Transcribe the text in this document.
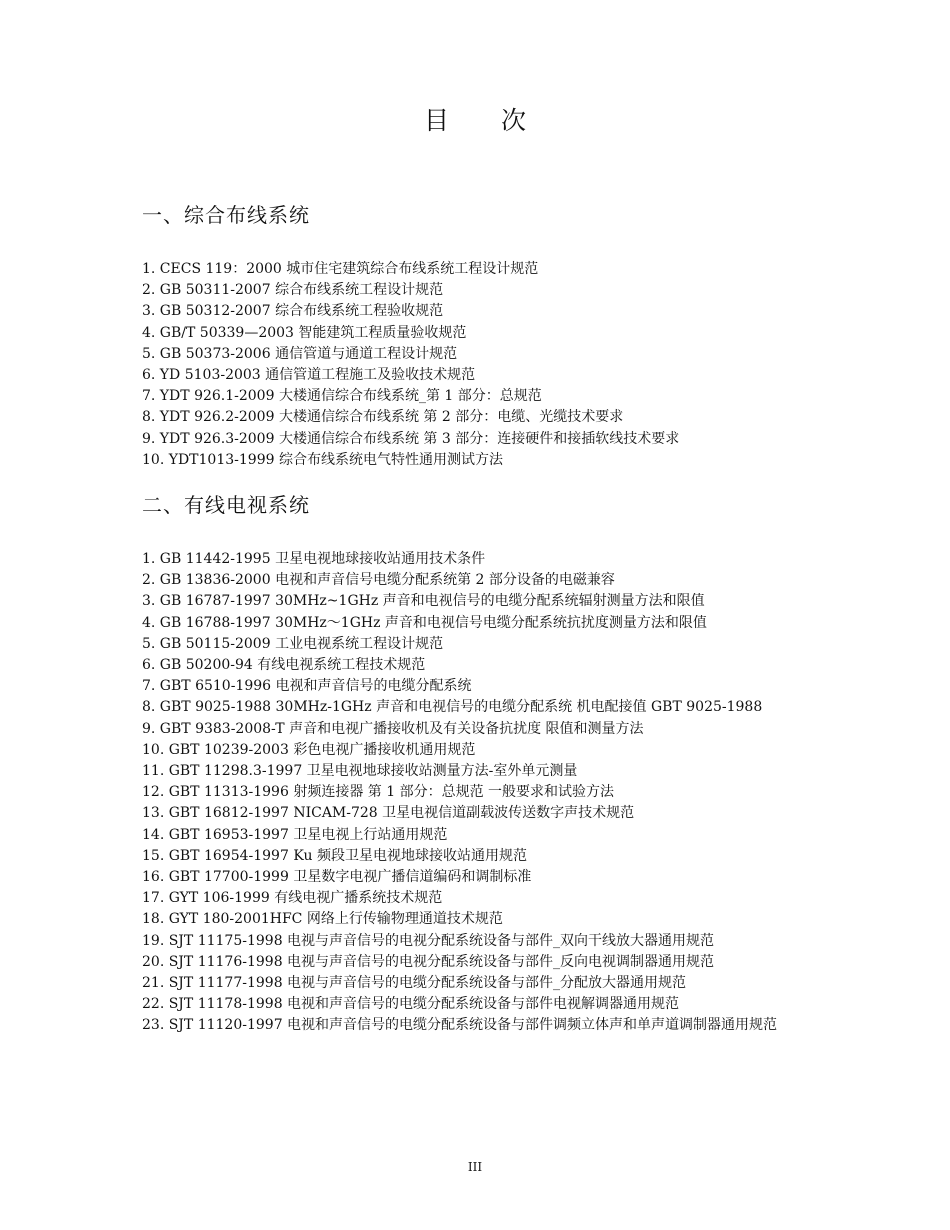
目 次
一、综合布线系统
1. CECS 119：2000 城市住宅建筑综合布线系统工程设计规范
2. GB 50311-2007 综合布线系统工程设计规范
3. GB 50312-2007 综合布线系统工程验收规范
4. GB/T 50339—2003 智能建筑工程质量验收规范
5. GB 50373-2006 通信管道与通道工程设计规范
6. YD 5103-2003 通信管道工程施工及验收技术规范
7. YDT 926.1-2009 大楼通信综合布线系统_第 1 部分：总规范
8. YDT 926.2-2009 大楼通信综合布线系统 第 2 部分：电缆、光缆技术要求
9. YDT 926.3-2009 大楼通信综合布线系统 第 3 部分：连接硬件和接插软线技术要求
10. YDT1013-1999 综合布线系统电气特性通用测试方法
二、有线电视系统
1. GB 11442-1995 卫星电视地球接收站通用技术条件
2. GB 13836-2000 电视和声音信号电缆分配系统第 2 部分设备的电磁兼容
3. GB 16787-1997 30MHz~1GHz 声音和电视信号的电缆分配系统辐射测量方法和限值
4. GB 16788-1997 30MHz～1GHz 声音和电视信号电缆分配系统抗扰度测量方法和限值
5. GB 50115-2009 工业电视系统工程设计规范
6. GB 50200-94 有线电视系统工程技术规范
7. GBT 6510-1996 电视和声音信号的电缆分配系统
8. GBT 9025-1988 30MHz-1GHz 声音和电视信号的电缆分配系统 机电配接值 GBT 9025-1988
9. GBT 9383-2008-T 声音和电视广播接收机及有关设备抗扰度 限值和测量方法
10. GBT 10239-2003 彩色电视广播接收机通用规范
11. GBT 11298.3-1997 卫星电视地球接收站测量方法-室外单元测量
12. GBT 11313-1996 射频连接器 第 1 部分：总规范 一般要求和试验方法
13. GBT 16812-1997 NICAM-728 卫星电视信道副载波传送数字声技术规范
14. GBT 16953-1997 卫星电视上行站通用规范
15. GBT 16954-1997 Ku 频段卫星电视地球接收站通用规范
16. GBT 17700-1999 卫星数字电视广播信道编码和调制标准
17. GYT 106-1999 有线电视广播系统技术规范
18. GYT 180-2001HFC 网络上行传输物理通道技术规范
19. SJT 11175-1998 电视与声音信号的电视分配系统设备与部件_双向干线放大器通用规范
20. SJT 11176-1998 电视与声音信号的电视分配系统设备与部件_反向电视调制器通用规范
21. SJT 11177-1998 电视与声音信号的电缆分配系统设备与部件_分配放大器通用规范
22. SJT 11178-1998 电视和声音信号的电缆分配系统设备与部件电视解调器通用规范
23. SJT 11120-1997 电视和声音信号的电缆分配系统设备与部件调频立体声和单声道调制器通用规范
III
